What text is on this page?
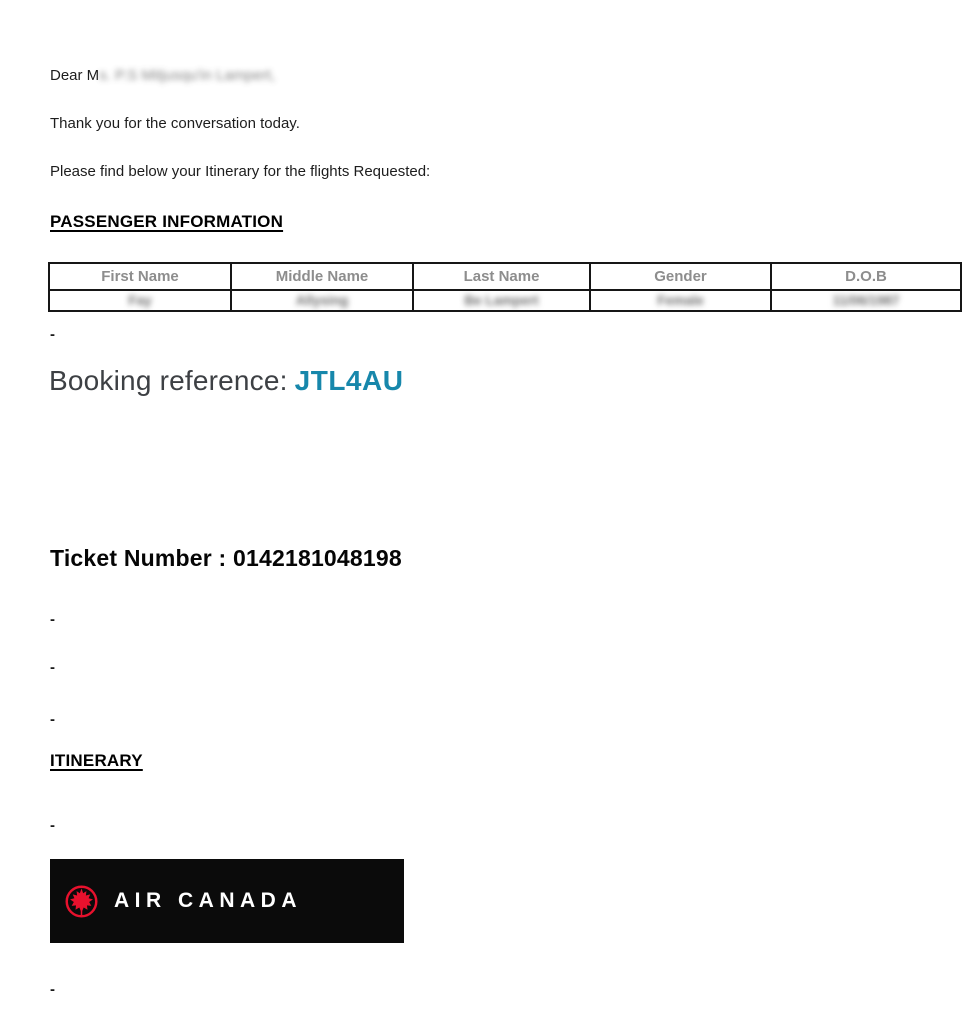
Dear Ms. P.S Mitjusqu'in Lampert,
Thank you for the conversation today.
Please find below your Itinerary for the flights Requested:
PASSENGER INFORMATION
First Name	Middle Name	Last Name	Gender	D.O.B
Fay	Allysing	Be Lampert	Female	11/06/1987
-
Booking reference: JTL4AU
Ticket Number : 0142181048198
-
-
-
ITINERARY
-
AIR CANADA
-
